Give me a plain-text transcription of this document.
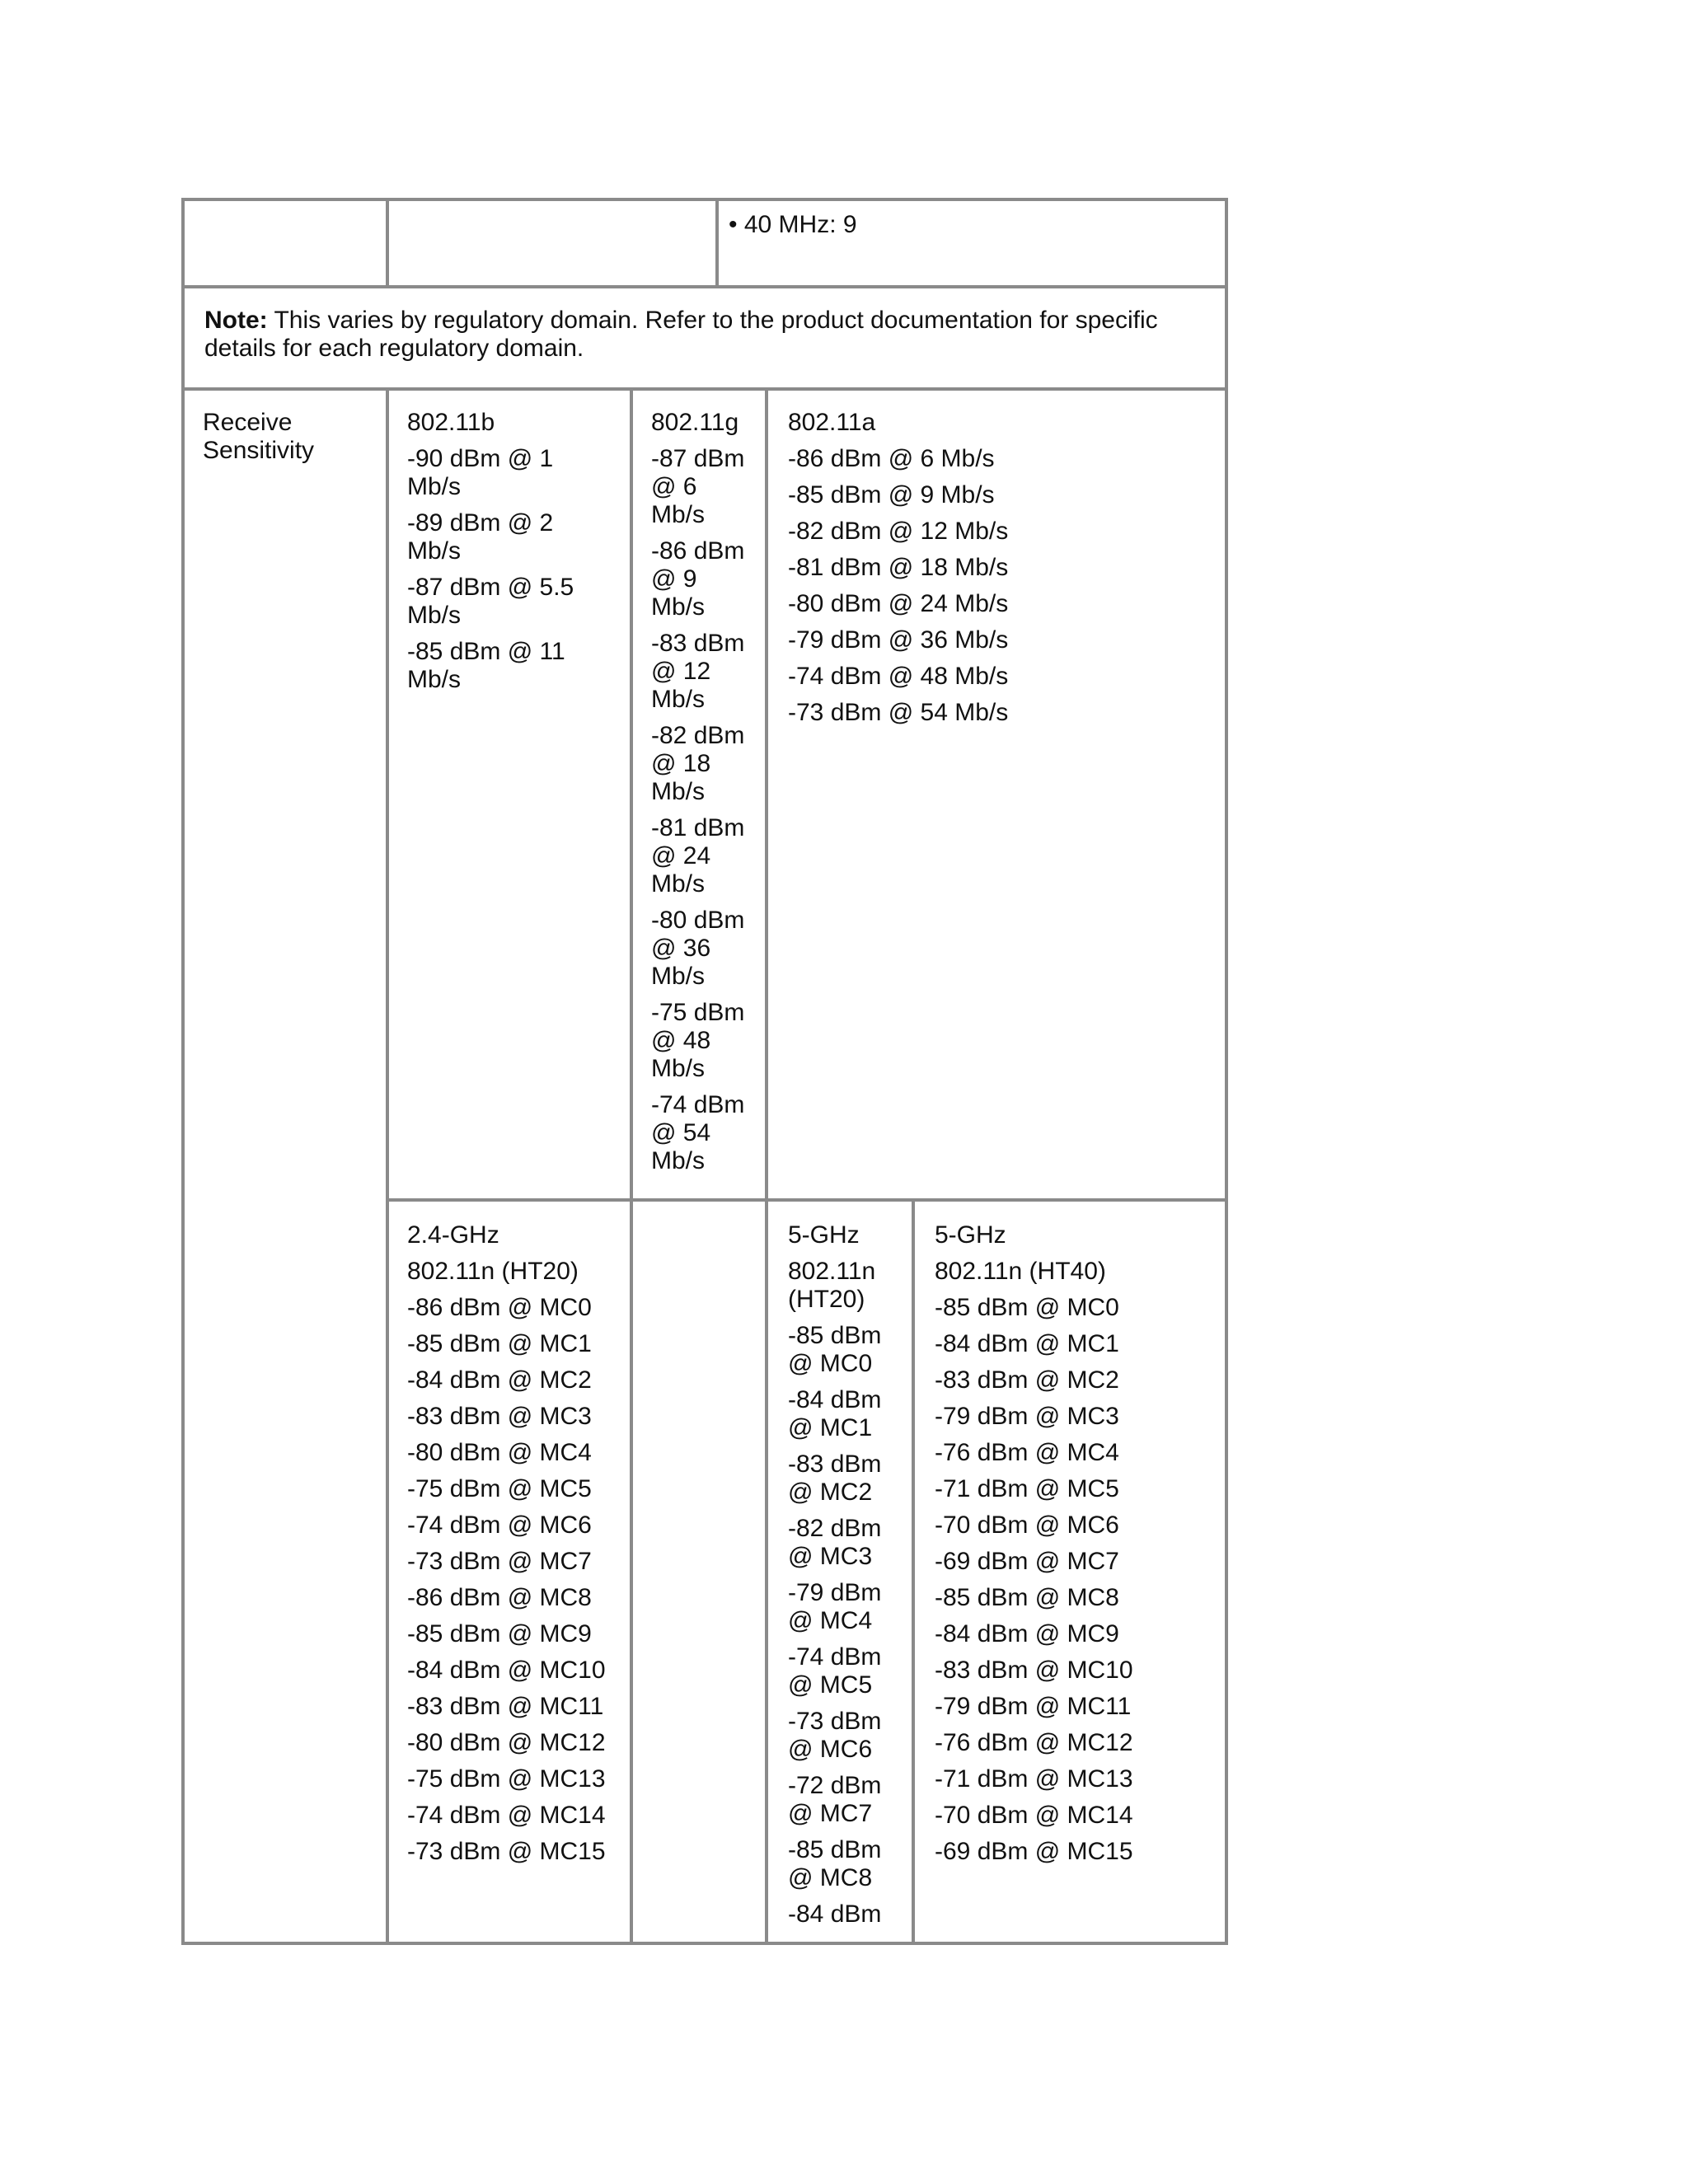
• 40 MHz: 9

Note: This varies by regulatory domain. Refer to the product documentation for specific details for each regulatory domain.

Receive Sensitivity

802.11b

-90 dBm @ 1 Mb/s

-89 dBm @ 2 Mb/s

-87 dBm @ 5.5 Mb/s

-85 dBm @ 11 Mb/s

802.11g

-87 dBm @ 6 Mb/s

-86 dBm @ 9 Mb/s

-83 dBm @ 12 Mb/s

-82 dBm @ 18 Mb/s

-81 dBm @ 24 Mb/s

-80 dBm @ 36 Mb/s

-75 dBm @ 48 Mb/s

-74 dBm @ 54 Mb/s

802.11a

-86 dBm @ 6 Mb/s

-85 dBm @ 9 Mb/s

-82 dBm @ 12 Mb/s

-81 dBm @ 18 Mb/s

-80 dBm @ 24 Mb/s

-79 dBm @ 36 Mb/s

-74 dBm @ 48 Mb/s

-73 dBm @ 54 Mb/s

2.4-GHz

802.11n (HT20)

-86 dBm @ MC0

-85 dBm @ MC1

-84 dBm @ MC2

-83 dBm @ MC3

-80 dBm @ MC4

-75 dBm @ MC5

-74 dBm @ MC6

-73 dBm @ MC7

-86 dBm @ MC8

-85 dBm @ MC9

-84 dBm @ MC10

-83 dBm @ MC11

-80 dBm @ MC12

-75 dBm @ MC13

-74 dBm @ MC14

-73 dBm @ MC15

5-GHz

802.11n (HT20)

-85 dBm @ MC0

-84 dBm @ MC1

-83 dBm @ MC2

-82 dBm @ MC3

-79 dBm @ MC4

-74 dBm @ MC5

-73 dBm @ MC6

-72 dBm @ MC7

-85 dBm @ MC8

-84 dBm

5-GHz

802.11n (HT40)

-85 dBm @ MC0

-84 dBm @ MC1

-83 dBm @ MC2

-79 dBm @ MC3

-76 dBm @ MC4

-71 dBm @ MC5

-70 dBm @ MC6

-69 dBm @ MC7

-85 dBm @ MC8

-84 dBm @ MC9

-83 dBm @ MC10

-79 dBm @ MC11

-76 dBm @ MC12

-71 dBm @ MC13

-70 dBm @ MC14

-69 dBm @ MC15
